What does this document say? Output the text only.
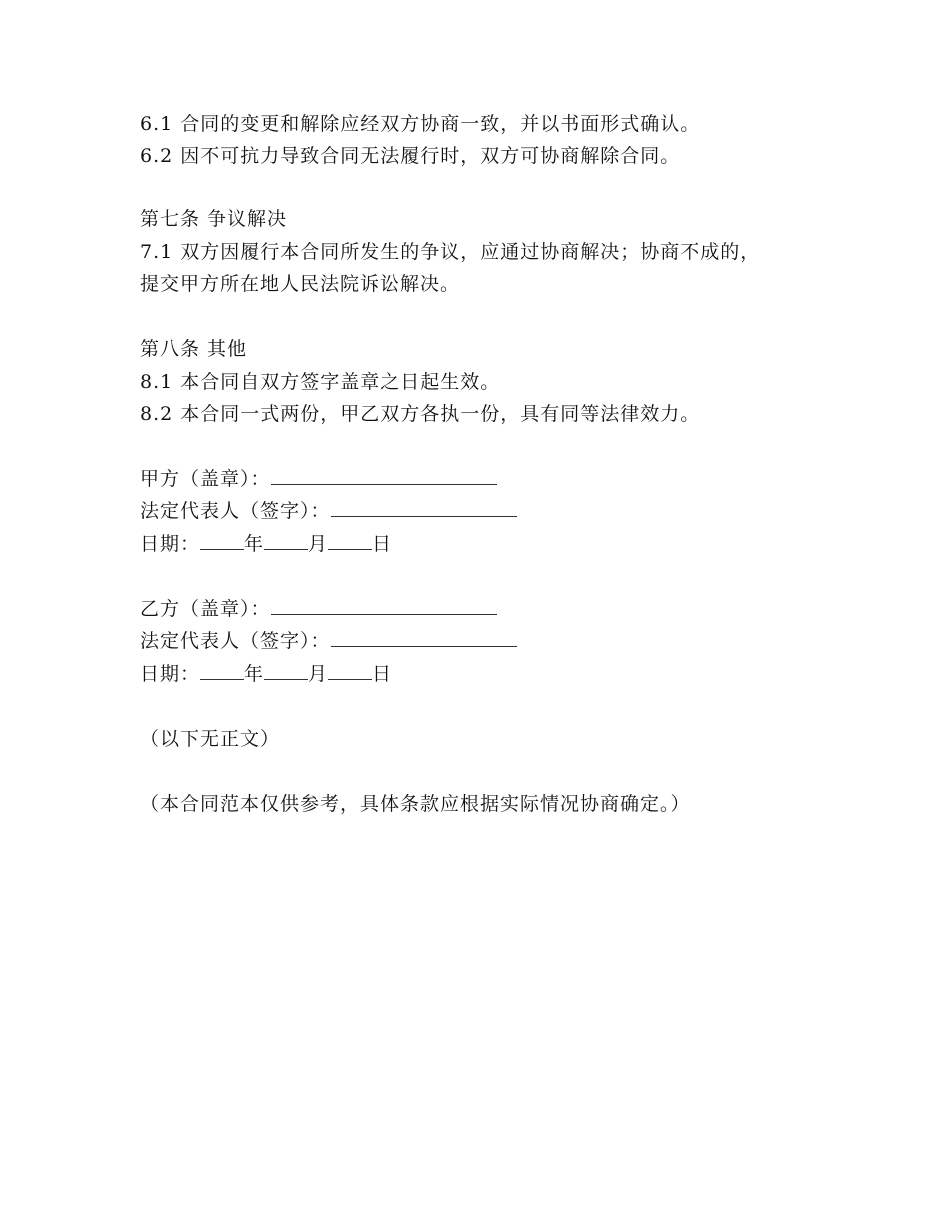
6.1 合同的变更和解除应经双方协商一致，并以书面形式确认。
6.2 因不可抗力导致合同无法履行时，双方可协商解除合同。
第七条 争议解决
7.1 双方因履行本合同所发生的争议，应通过协商解决；协商不成的，
提交甲方所在地人民法院诉讼解决。
第八条 其他
8.1 本合同自双方签字盖章之日起生效。
8.2 本合同一式两份，甲乙双方各执一份，具有同等法律效力。
甲方（盖章）：
法定代表人（签字）：
日期： 年 月 日
乙方（盖章）：
法定代表人（签字）：
日期： 年 月 日
（以下无正文）
（本合同范本仅供参考，具体条款应根据实际情况协商确定。）
